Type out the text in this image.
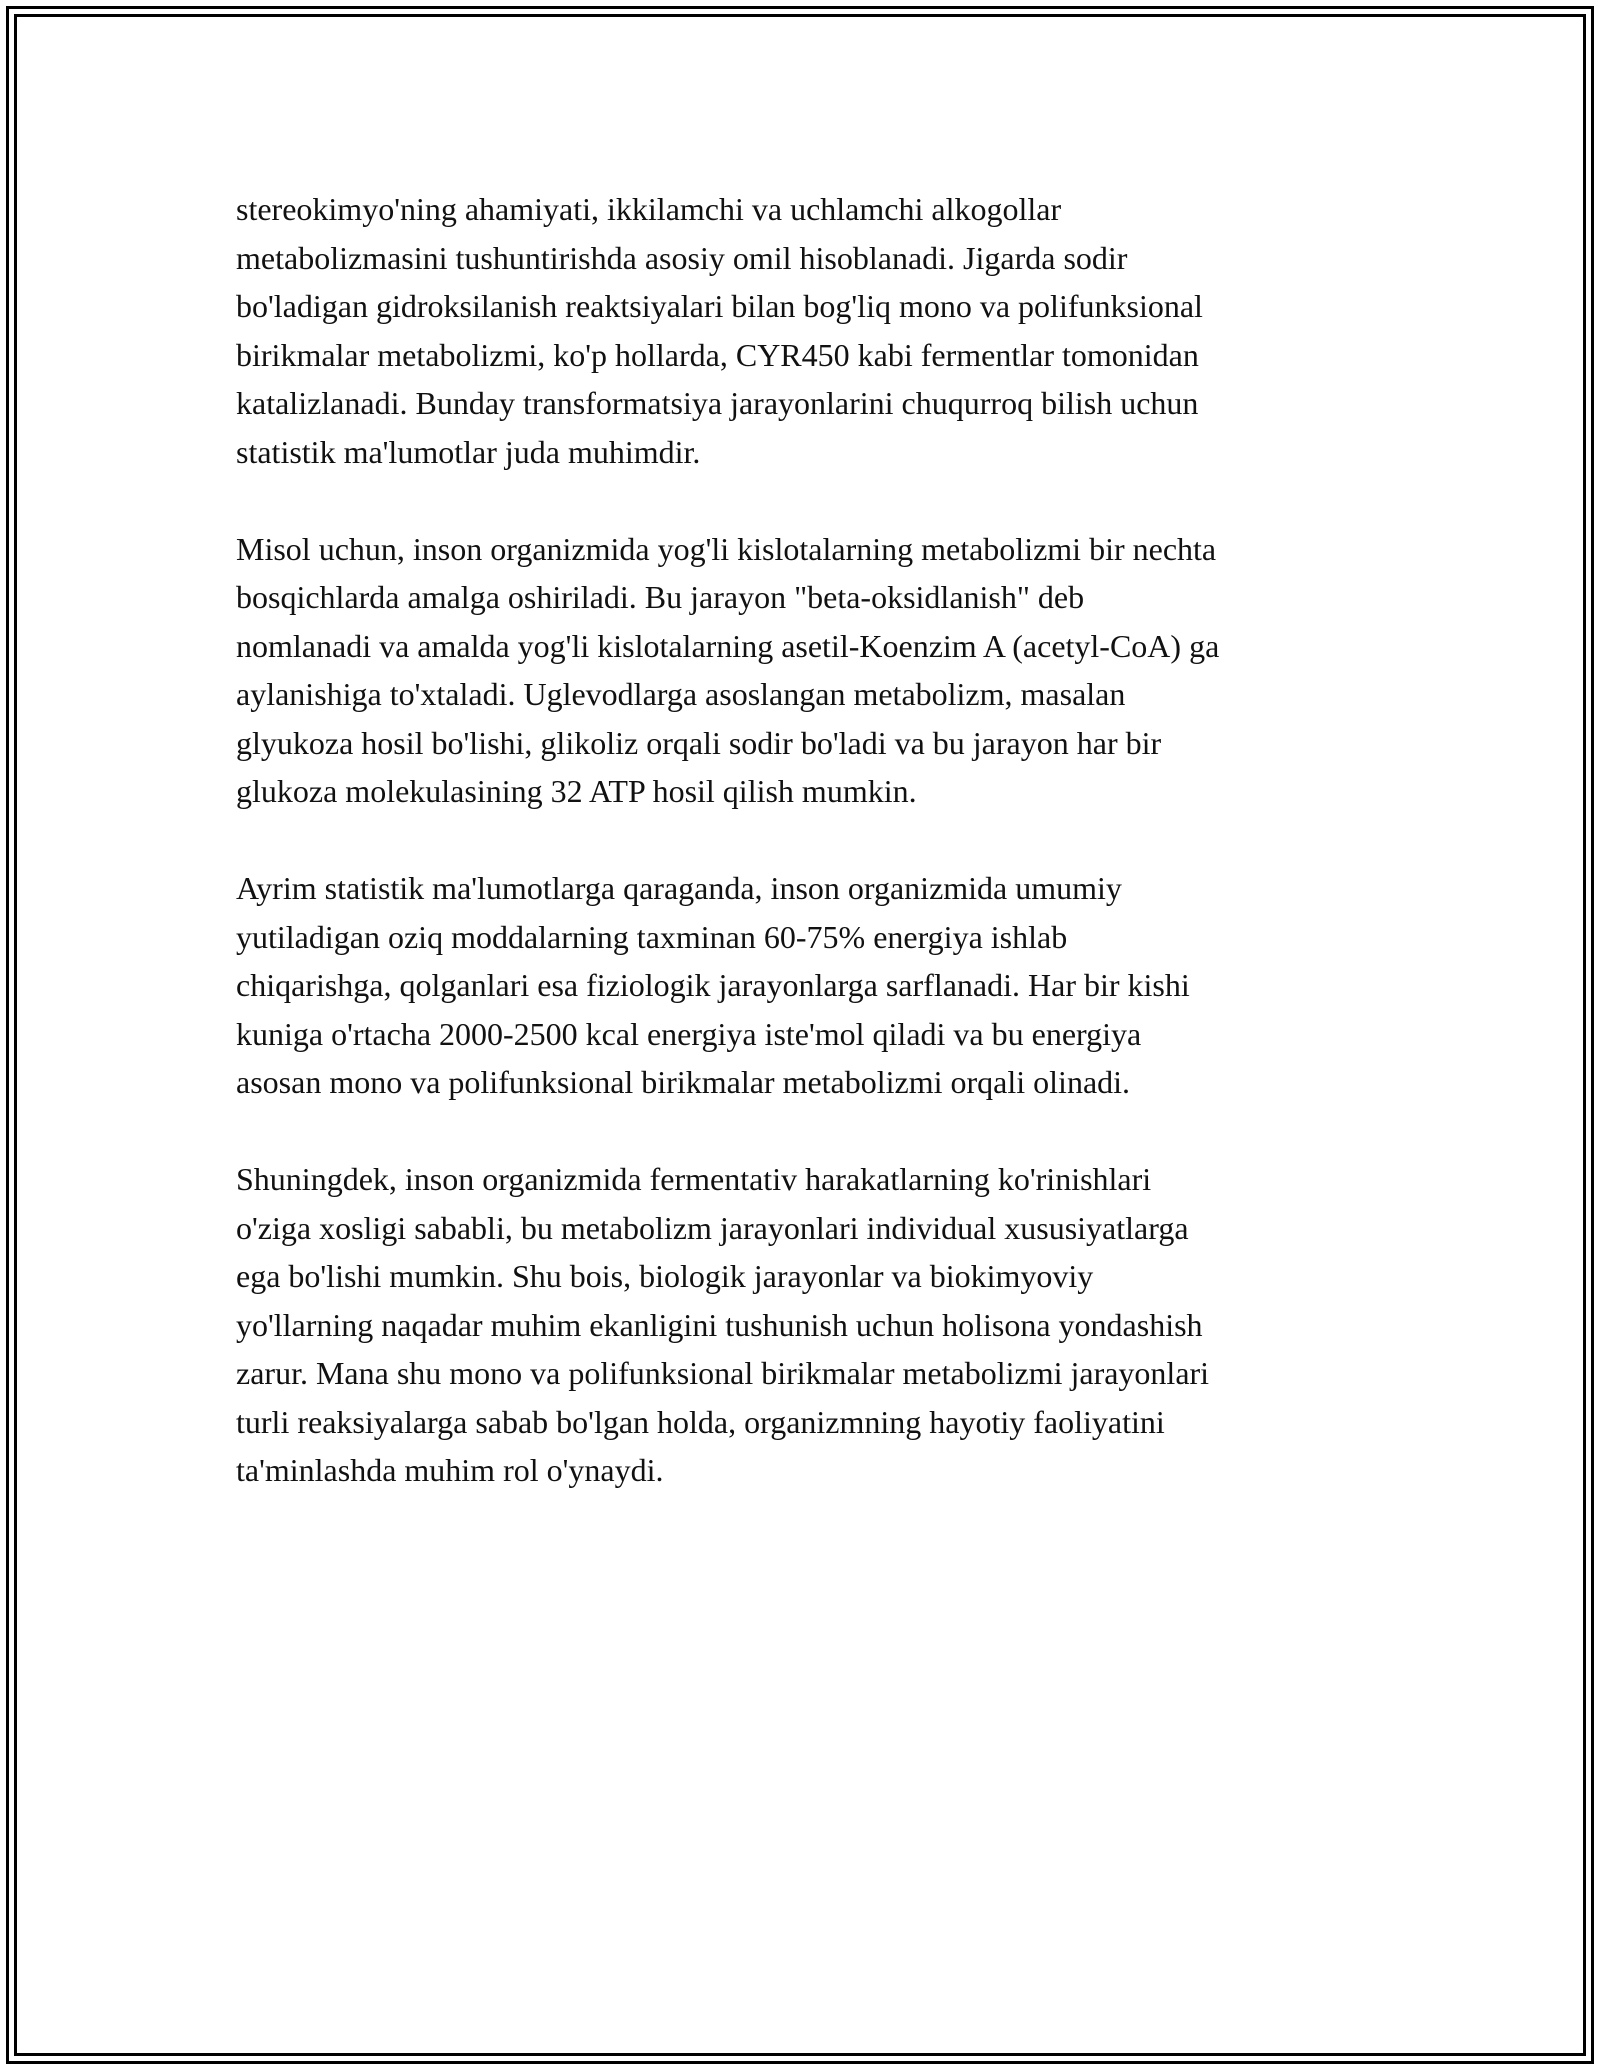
stereokimyo'ning ahamiyati, ikkilamchi va uchlamchi alkogollar
metabolizmasini tushuntirishda asosiy omil hisoblanadi. Jigarda sodir
bo'ladigan gidroksilanish reaktsiyalari bilan bog'liq mono va polifunksional
birikmalar metabolizmi, ko'p hollarda, CYR450 kabi fermentlar tomonidan
katalizlanadi. Bunday transformatsiya jarayonlarini chuqurroq bilish uchun
statistik ma'lumotlar juda muhimdir.

Misol uchun, inson organizmida yog'li kislotalarning metabolizmi bir nechta
bosqichlarda amalga oshiriladi. Bu jarayon "beta-oksidlanish" deb
nomlanadi va amalda yog'li kislotalarning asetil-Koenzim A (acetyl-CoA) ga
aylanishiga to'xtaladi. Uglevodlarga asoslangan metabolizm, masalan
glyukoza hosil bo'lishi, glikoliz orqali sodir bo'ladi va bu jarayon har bir
glukoza molekulasining 32 ATP hosil qilish mumkin.

Ayrim statistik ma'lumotlarga qaraganda, inson organizmida umumiy
yutiladigan oziq moddalarning taxminan 60-75% energiya ishlab
chiqarishga, qolganlari esa fiziologik jarayonlarga sarflanadi. Har bir kishi
kuniga o'rtacha 2000-2500 kcal energiya iste'mol qiladi va bu energiya
asosan mono va polifunksional birikmalar metabolizmi orqali olinadi.

Shuningdek, inson organizmida fermentativ harakatlarning ko'rinishlari
o'ziga xosligi sababli, bu metabolizm jarayonlari individual xususiyatlarga
ega bo'lishi mumkin. Shu bois, biologik jarayonlar va biokimyoviy
yo'llarning naqadar muhim ekanligini tushunish uchun holisona yondashish
zarur. Mana shu mono va polifunksional birikmalar metabolizmi jarayonlari
turli reaksiyalarga sabab bo'lgan holda, organizmning hayotiy faoliyatini
ta'minlashda muhim rol o'ynaydi.
